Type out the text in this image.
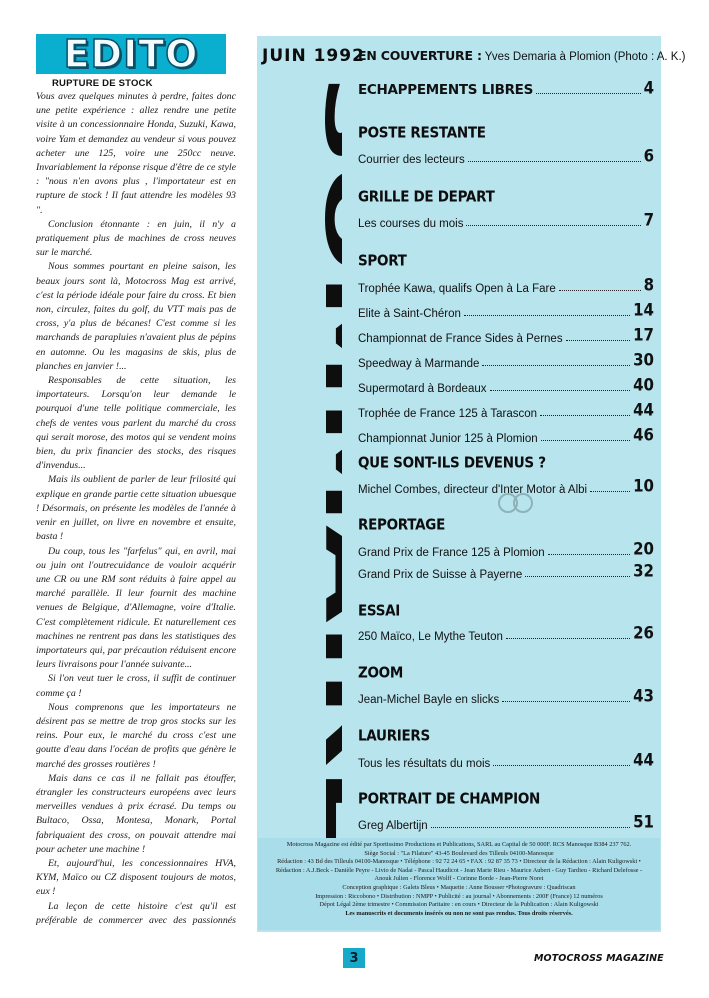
EDITO
RUPTURE DE STOCK

Vous avez quelques minutes à perdre, faites donc une petite expérience : allez rendre une petite visite à un concessionnaire Honda, Suzuki, Kawa, voire Yam et demandez au vendeur si vous pouvez acheter une 125, voire une 250cc neuve. Invariablement la réponse risque d'être de ce style : "nous n'en avons plus , l'importateur est en rupture de stock ! Il faut attendre les modèles 93 ".

Conclusion étonnante : en juin, il n'y a pratiquement plus de machines de cross neuves sur le marché.

Nous sommes pourtant en pleine saison, les beaux jours sont là, Motocross Mag est arrivé, c'est la période idéale pour faire du cross. Et bien non, circulez, faites du golf, du VTT mais pas de cross, y'a plus de bécanes! C'est comme si les marchands de parapluies n'avaient plus de pépins en automne. Ou les magasins de skis, plus de planches en janvier !...

Responsables de cette situation, les importateurs. Lorsqu'on leur demande le pourquoi d'une telle politique commerciale, les chefs de ventes vous parlent du marché du cross qui serait morose, des motos qui se vendent moins bien, du prix financier des stocks, des risques d'invendus...

Mais ils oublient de parler de leur frilosité qui explique en grande partie cette situation ubuesque ! Désormais, on présente les modèles de l'année à venir en juillet, on livre en novembre et ensuite, basta !

Du coup, tous les "farfelus" qui, en avril, mai ou juin ont l'outrecuidance de vouloir acquérir une CR ou une RM sont réduits à faire appel au marché parallèle. Il leur fournit des machine venues de Belgique, d'Allemagne, voire d'Italie. C'est complètement ridicule. Et naturellement ces machines ne rentrent pas dans les statistiques des importateurs qui, par précaution réduisent encore leurs livraisons pour l'année suivante...

Si l'on veut tuer le cross, il suffit de continuer comme ça !

Nous comprenons que les importateurs ne désirent pas se mettre de trop gros stocks sur les reins. Pour eux, le marché du cross c'est une goutte d'eau dans l'océan de profits que génère le marché des grosses routières !

Mais dans ce cas il ne fallait pas étouffer, étrangler les constructeurs européens avec leurs merveilles vendues à prix écrasé. Du temps ou Bultaco, Ossa, Montesa, Monark, Portal fabriquaient des cross, on pouvait attendre mai pour acheter une machine !

Et, aujourd'hui, les concessionnaires HVA, KYM, Maïco ou CZ disposent toujours de motos, eux !

La leçon de cette histoire c'est qu'il est préférable de commercer avec des passionnés

JUIN 1992
SOMMAIRE
EN COUVERTURE : Yves Demaria à Plomion (Photo : A. K.)
ECHAPPEMENTS LIBRES	4
POSTE RESTANTE
Courrier des lecteurs	6
GRILLE DE DEPART
Les courses du mois	7
SPORT
Trophée Kawa, qualifs Open à La Fare	8
Elite à Saint-Chéron	14
Championnat de France Sides à Pernes	17
Speedway à Marmande	30
Supermotard à Bordeaux	40
Trophée de France 125 à Tarascon	44
Championnat Junior 125 à Plomion	46
QUE SONT-ILS DEVENUS ?
Michel Combes, directeur d'Inter Motor à Albi	10
REPORTAGE
Grand Prix de France 125 à Plomion	20
Grand Prix de Suisse à Payerne	32
ESSAI
250 Maïco, Le Mythe Teuton	26
ZOOM
Jean-Michel Bayle en slicks	43
LAURIERS
Tous les résultats du mois	44
PORTRAIT DE CHAMPION
Greg Albertijn	51
Motocross Magazine est édité par Sportissimo Productions et Publications, SARL au Capital de 50 000F. RCS Manosque B384 237 762.
Siège Social : "La Filature" 43-45 Boulevard des Tilleuls 04100-Manosque
Rédaction : 43 Bd des Tilleuls 04100-Manosque • Téléphone : 92 72 24 65 • FAX : 92 87 35 73 • Directeur de la Rédaction : Alain Kuligowski •
Rédaction : A.J.Beck - Danièle Peyre - Livio de Nadai - Pascal Haudicot - Jean Marie Rieu - Maurice Aubert - Guy Tardieu - Richard Delefosse -
Anouk Julien - Florence Wolff - Corinne Borde - Jean-Pierre Noret
Conception graphique : Galets Bleus • Maquette : Anne Bousser •Photogravure : Quadriscan
Impression : Riccobono • Distribution : NMPP • Publicité : au journal • Abonnements : 200F (France) 12 numéros
Dépot Légal 2ème trimestre • Commission Paritaire : en cours • Directeur de la Publication : Alain Kuligowski
Les manuscrits et documents insérés ou non ne sont pas rendus. Tous droits réservés.
3	MOTOCROSS MAGAZINE
